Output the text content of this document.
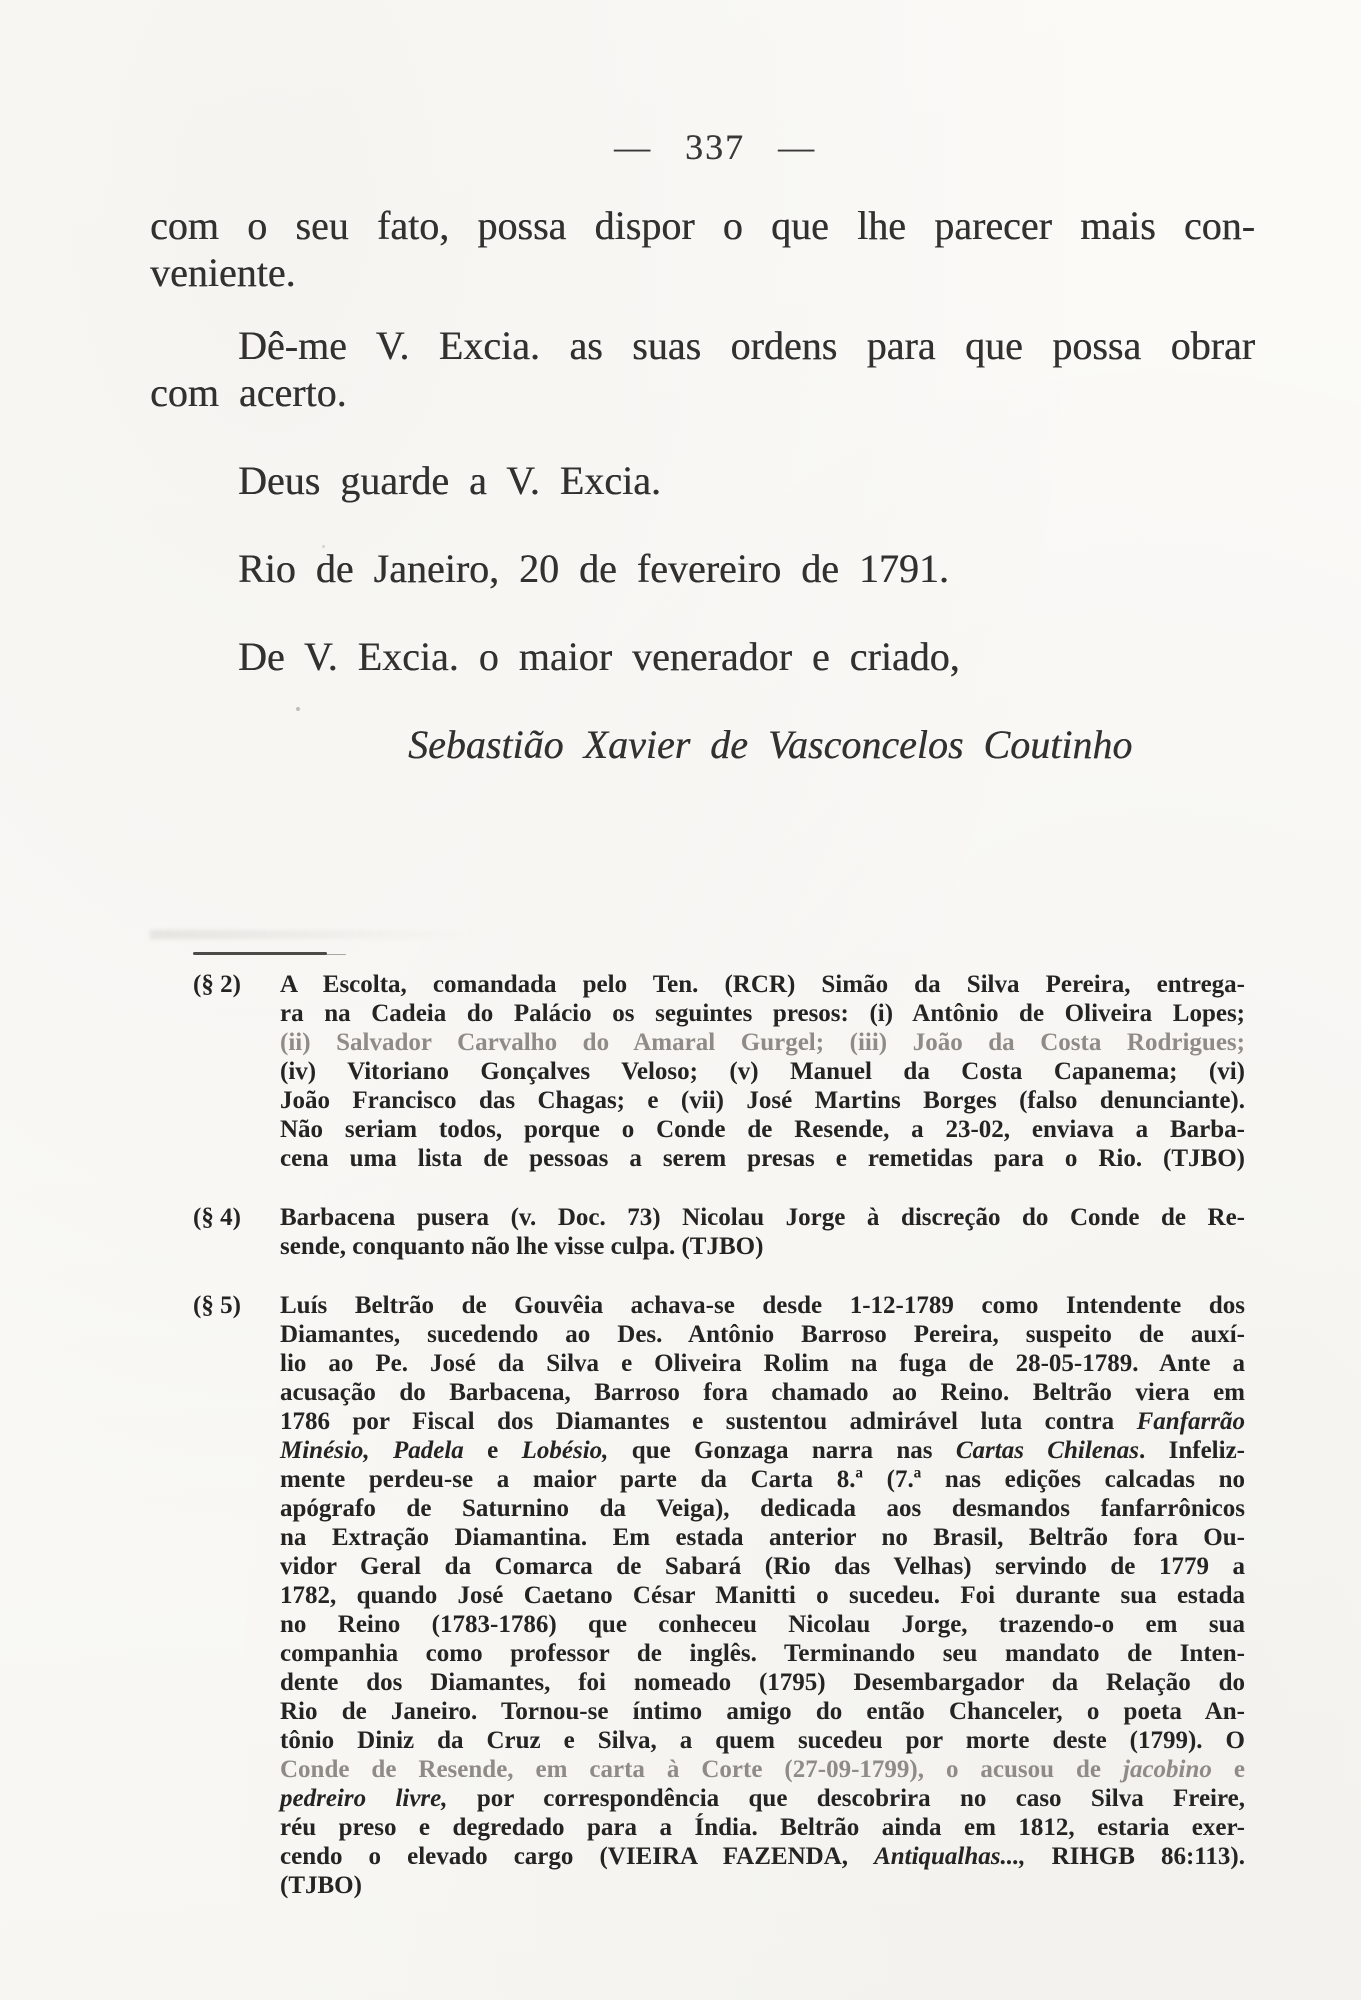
— 337 —
com o seu fato, possa dispor o que lhe parecer mais con-
veniente.
Dê-me V. Excia. as suas ordens para que possa obrar
com acerto.
Deus guarde a V. Excia.
Rio de Janeiro, 20 de fevereiro de 1791.
De V. Excia. o maior venerador e criado,
Sebastião Xavier de Vasconcelos Coutinho
(§ 2)	A Escolta, comandada pelo Ten. (RCR) Simão da Silva Pereira, entrega-
ra na Cadeia do Palácio os seguintes presos: (i) Antônio de Oliveira Lopes;
(ii) Salvador Carvalho do Amaral Gurgel; (iii) João da Costa Rodrigues;
(iv) Vitoriano Gonçalves Veloso; (v) Manuel da Costa Capanema; (vi)
João Francisco das Chagas; e (vii) José Martins Borges (falso denunciante).
Não seriam todos, porque o Conde de Resende, a 23-02, enviava a Barba-
cena uma lista de pessoas a serem presas e remetidas para o Rio. (TJBO)
(§ 4)	Barbacena pusera (v. Doc. 73) Nicolau Jorge à discreção do Conde de Re-
sende, conquanto não lhe visse culpa. (TJBO)
(§ 5)	Luís Beltrão de Gouvêia achava-se desde 1-12-1789 como Intendente dos
Diamantes, sucedendo ao Des. Antônio Barroso Pereira, suspeito de auxí-
lio ao Pe. José da Silva e Oliveira Rolim na fuga de 28-05-1789. Ante a
acusação do Barbacena, Barroso fora chamado ao Reino. Beltrão viera em
1786 por Fiscal dos Diamantes e sustentou admirável luta contra Fanfarrão
Minésio, Padela e Lobésio, que Gonzaga narra nas Cartas Chilenas. Infeliz-
mente perdeu-se a maior parte da Carta 8.ª (7.ª nas edições calcadas no
apógrafo de Saturnino da Veiga), dedicada aos desmandos fanfarrônicos
na Extração Diamantina. Em estada anterior no Brasil, Beltrão fora Ou-
vidor Geral da Comarca de Sabará (Rio das Velhas) servindo de 1779 a
1782, quando José Caetano César Manitti o sucedeu. Foi durante sua estada
no Reino (1783-1786) que conheceu Nicolau Jorge, trazendo-o em sua
companhia como professor de inglês. Terminando seu mandato de Inten-
dente dos Diamantes, foi nomeado (1795) Desembargador da Relação do
Rio de Janeiro. Tornou-se íntimo amigo do então Chanceler, o poeta An-
tônio Diniz da Cruz e Silva, a quem sucedeu por morte deste (1799). O
Conde de Resende, em carta à Corte (27-09-1799), o acusou de jacobino e
pedreiro livre, por correspondência que descobrira no caso Silva Freire,
réu preso e degredado para a Índia. Beltrão ainda em 1812, estaria exer-
cendo o elevado cargo (VIEIRA FAZENDA, Antiqualhas..., RIHGB 86:113).
(TJBO)
